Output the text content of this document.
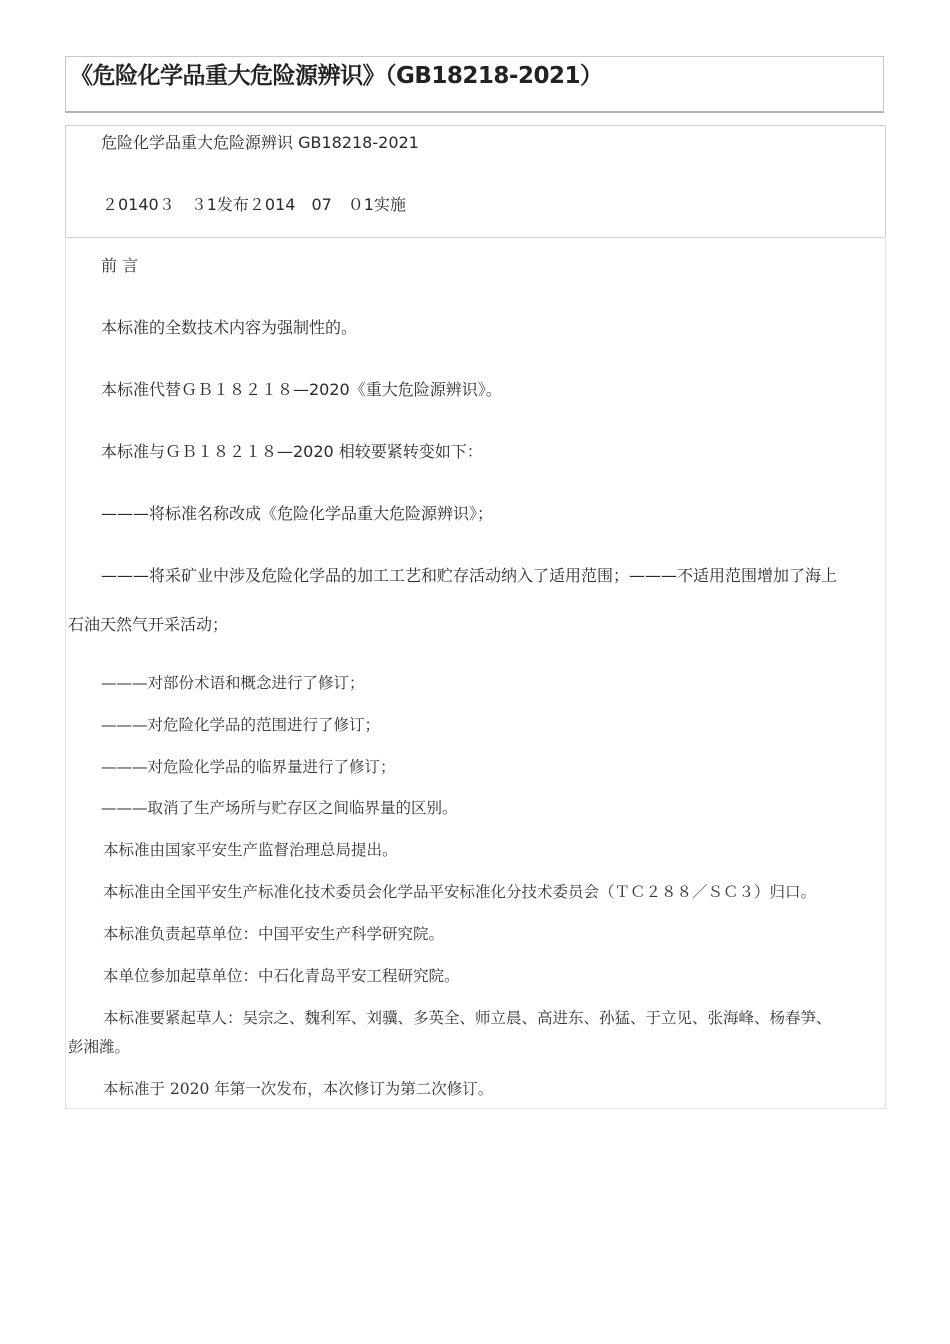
《危险化学品重大危险源辨识》（GB18218-2021）
危险化学品重大危险源辨识 GB18218-2021
２0140３　３1发布２014　07　０1实施
前 言
本标准的全数技术内容为强制性的。
本标准代替ＧＢ１８２１８—2020《重大危险源辨识》。
本标准与ＧＢ１８２１８—2020 相较要紧转变如下：
———将标准名称改成《危险化学品重大危险源辨识》；
———将采矿业中涉及危险化学品的加工工艺和贮存活动纳入了适用范围；———不适用范围增加了海上
石油天然气开采活动；
———对部份术语和概念进行了修订；
———对危险化学品的范围进行了修订；
———对危险化学品的临界量进行了修订；
———取消了生产场所与贮存区之间临界量的区别。
本标准由国家平安生产监督治理总局提出。
本标准由全国平安生产标准化技术委员会化学品平安标准化分技术委员会（ＴＣ２８８／ＳＣ３）归口。
本标准负责起草单位：中国平安生产科学研究院。
本单位参加起草单位：中石化青岛平安工程研究院。
本标准要紧起草人：吴宗之、魏利军、刘骥、多英全、师立晨、高进东、孙猛、于立见、张海峰、杨春笋、
彭湘潍。
本标准于 2020 年第一次发布，本次修订为第二次修订。
